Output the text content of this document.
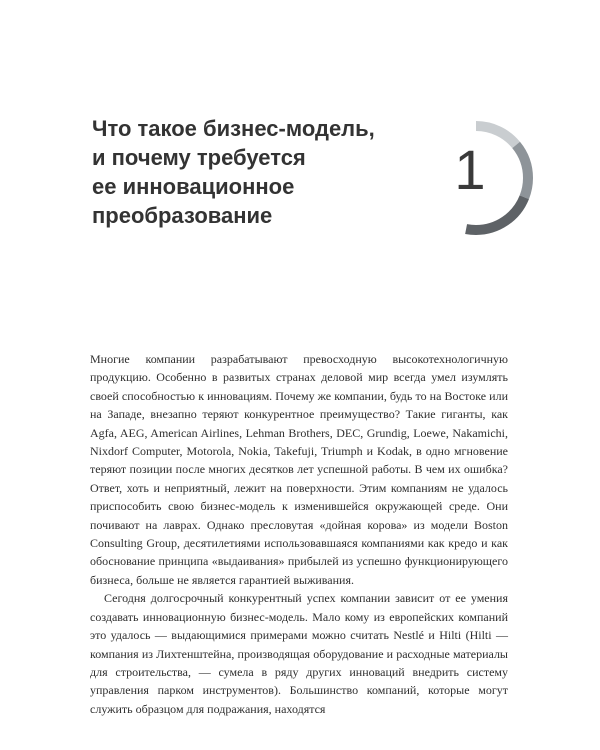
Что такое бизнес-модель,
и почему требуется
ее инновационное
преобразование
1

Многие компании разрабатывают превосходную высокотехнологичную продукцию. Особенно в развитых странах деловой мир всегда умел изумлять своей способностью к инновациям. Почему же компании, будь то на Востоке или на Западе, внезапно теряют конкурентное преимущество? Такие гиганты, как Agfa, AEG, American Airlines, Lehman Brothers, DEC, Grundig, Loewe, Nakamichi, Nixdorf Computer, Motorola, Nokia, Takefuji, Triumph и Kodak, в одно мгновение теряют позиции после многих десятков лет успешной работы. В чем их ошибка? Ответ, хоть и неприятный, лежит на поверхности. Этим компаниям не удалось приспособить свою бизнес-модель к изменившейся окружающей среде. Они почивают на лаврах. Однако пресловутая «дойная корова» из модели Boston Consulting Group, десятилетиями использовавшаяся компаниями как кредо и как обоснование принципа «выдаивания» прибылей из успешно функционирующего бизнеса, больше не является гарантией выживания.

Сегодня долгосрочный конкурентный успех компании зависит от ее умения создавать инновационную бизнес-модель. Мало кому из европейских компаний это удалось — выдающимися примерами можно считать Nestlé и Hilti (Hilti — компания из Лихтенштейна, производящая оборудование и расходные материалы для строительства, — сумела в ряду других инноваций внедрить систему управления парком инструментов). Большинство компаний, которые могут служить образцом для подражания, находятся
